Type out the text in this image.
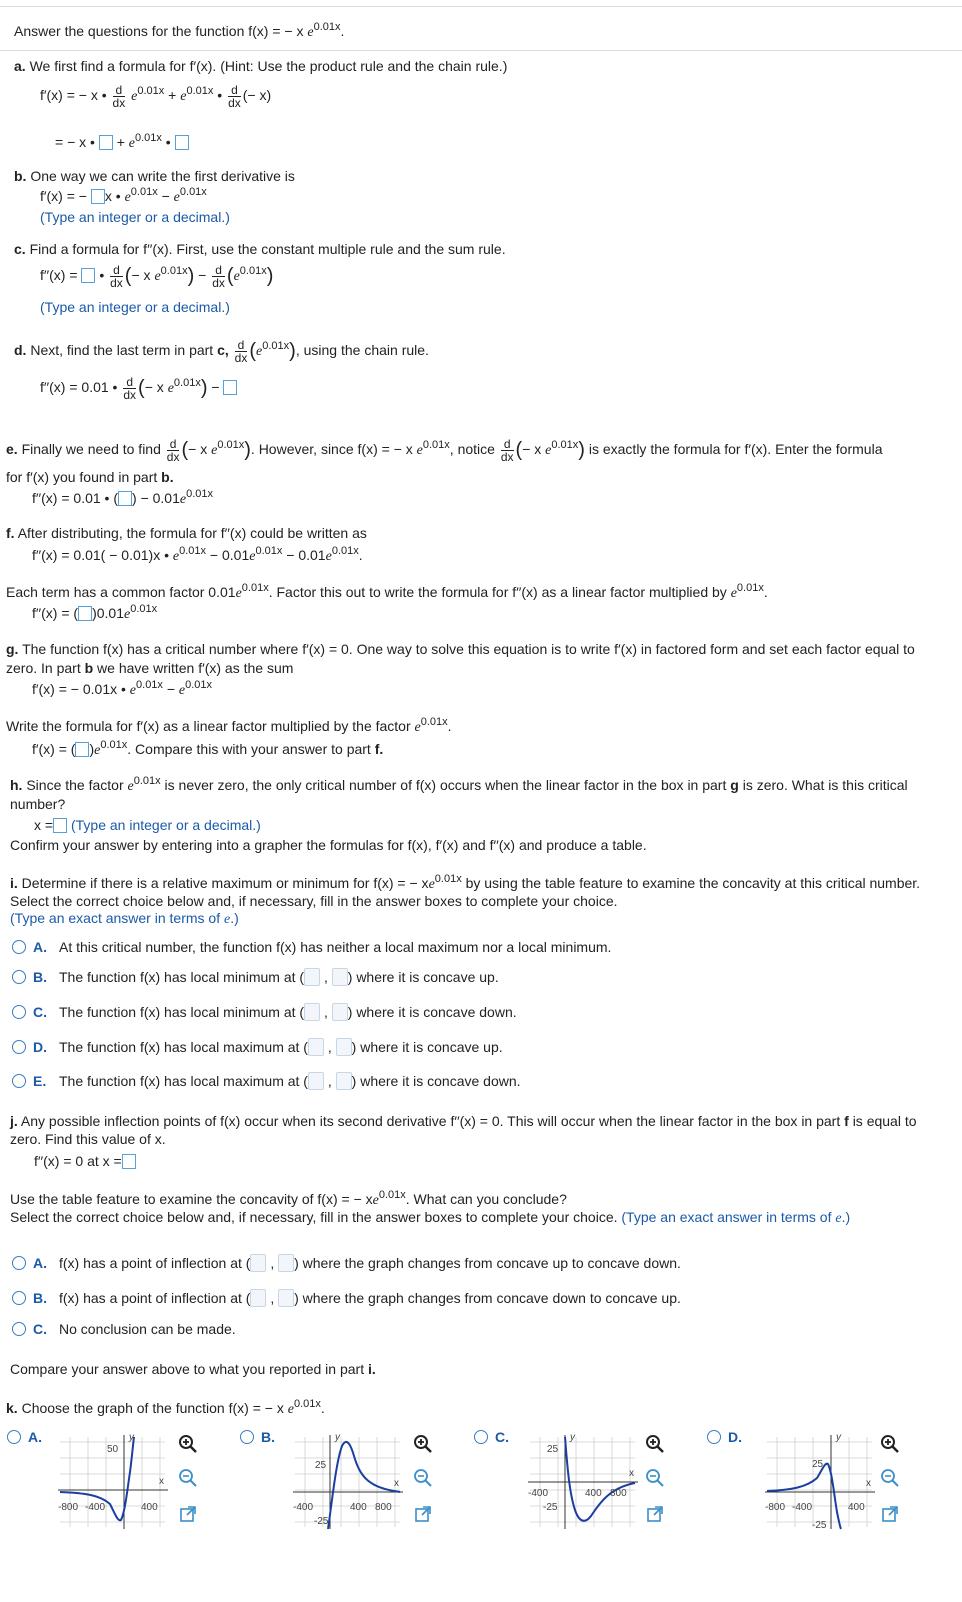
Answer the questions for the function f(x) = − x $e^{0.01x}$.
a. We first find a formula for f′(x). (Hint: Use the product rule and the chain rule.)
f′(x) = − x • $\frac{d}{dx} e^{0.01x} + e^{0.01x}$ • $\frac{d}{dx}$ (− x)
= − x • + $e^{0.01x}$ •
b. One way we can write the first derivative is
f′(x) = − x • $e^{0.01x} - e^{0.01x}$
(Type an integer or a decimal.)
c. Find a formula for f′′(x). First, use the constant multiple rule and the sum rule.
f′′(x) = • $\frac{d}{dx}$ (− x $e^{0.01x}) - \frac{d}{dx} (e^{0.01x})$
(Type an integer or a decimal.)
d. Next, find the last term in part c, $\frac{d}{dx} (e^{0.01x})$, using the chain rule.
f′′(x) = 0.01 • $\frac{d}{dx}$ (− x $e^{0.01x}$) −
e. Finally we need to find $\frac{d}{dx}$ (− x $e^{0.01x}$). However, since f(x) = − x $e^{0.01x}$, notice $\frac{d}{dx}$ (− x $e^{0.01x}$) is exactly the formula for f′(x). Enter the formula
for f′(x) you found in part b.
f′′(x) = 0.01 • ( ) − $0.01e^{0.01x}$
f. After distributing, the formula for f′′(x) could be written as
f′′(x) = 0.01( − 0.01)x • $e^{0.01x} - 0.01e^{0.01x} - 0.01e^{0.01x}$.
Each term has a common factor $0.01e^{0.01x}$. Factor this out to write the formula for f′′(x) as a linear factor multiplied by $e^{0.01x}$.
f′′(x) = ( )$0.01e^{0.01x}$
g. The function f(x) has a critical number where f′(x) = 0. One way to solve this equation is to write f′(x) in factored form and set each factor equal to
zero. In part b we have written f′(x) as the sum
f′(x) = − 0.01x • $e^{0.01x} - e^{0.01x}$
Write the formula for f′(x) as a linear factor multiplied by the factor $e^{0.01x}$.
f′(x) = ( )$e^{0.01x}$. Compare this with your answer to part f.
h. Since the factor $e^{0.01x}$ is never zero, the only critical number of f(x) occurs when the linear factor in the box in part g is zero. What is this critical
number?
x = (Type an integer or a decimal.)
Confirm your answer by entering into a grapher the formulas for f(x), f′(x) and f′′(x) and produce a table.
i. Determine if there is a relative maximum or minimum for f(x) = − $xe^{0.01x}$ by using the table feature to examine the concavity at this critical number.
Select the correct choice below and, if necessary, fill in the answer boxes to complete your choice.
(Type an exact answer in terms of e.)
A. At this critical number, the function f(x) has neither a local maximum nor a local minimum.
B. The function f(x) has local minimum at ( , ) where it is concave up.
C. The function f(x) has local minimum at ( , ) where it is concave down.
D. The function f(x) has local maximum at ( , ) where it is concave up.
E. The function f(x) has local maximum at ( , ) where it is concave down.
j. Any possible inflection points of f(x) occur when its second derivative f′′(x) = 0. This will occur when the linear factor in the box in part f is equal to
zero. Find this value of x.
f′′(x) = 0 at x =
Use the table feature to examine the concavity of f(x) = − $xe^{0.01x}$. What can you conclude?
Select the correct choice below and, if necessary, fill in the answer boxes to complete your choice. (Type an exact answer in terms of e.)
A. f(x) has a point of inflection at ( , ) where the graph changes from concave up to concave down.
B. f(x) has a point of inflection at ( , ) where the graph changes from concave down to concave up.
C. No conclusion can be made.
Compare your answer above to what you reported in part i.
k. Choose the graph of the function f(x) = − x $e^{0.01x}$.
A.	B.	C.	D.
50
y
x
-800 -400	400
25
y
x
-400	400 800
-25
25
y
x
-400	400 800
-25
25
y
x
-800 -400	400
-25
